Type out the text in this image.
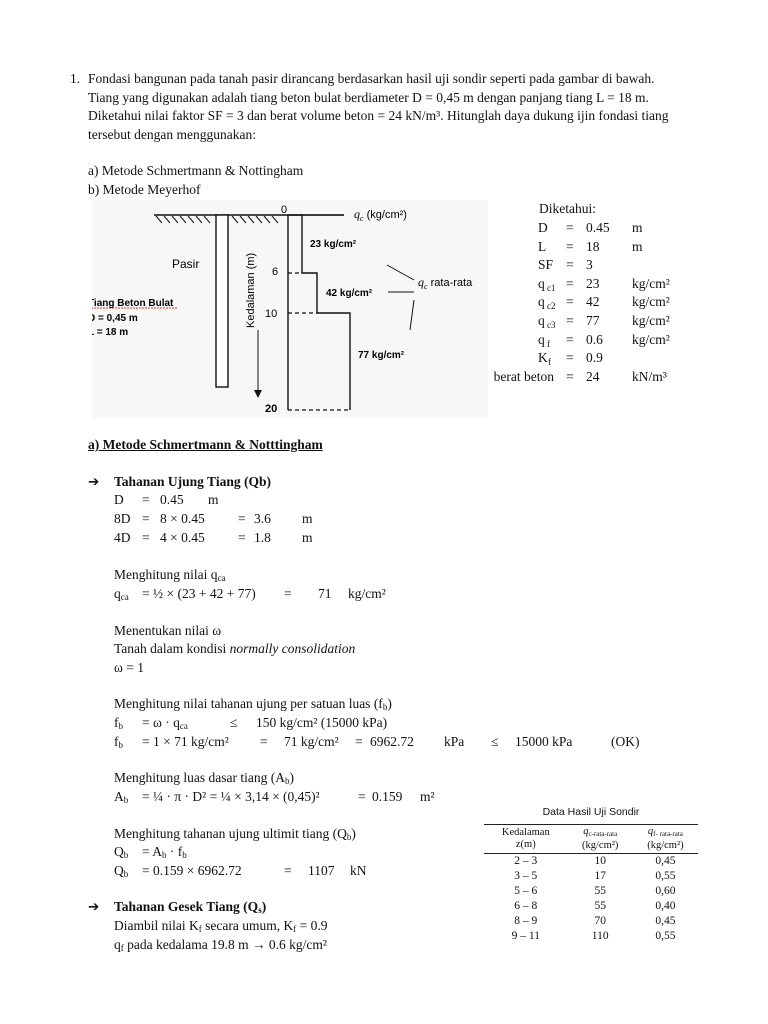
1. Fondasi bangunan pada tanah pasir dirancang berdasarkan hasil uji sondir seperti pada gambar di bawah.
Tiang yang digunakan adalah tiang beton bulat berdiameter D = 0,45 m dengan panjang tiang L = 18 m.
Diketahui nilai faktor SF = 3 dan berat volume beton = 24 kN/m³. Hitunglah daya dukung ijin fondasi tiang
tersebut dengan menggunakan:
a) Metode Schmertmann & Nottingham
b) Metode Meyerhof
0
6
10
20
Pasir	Kedalaman (m)
23 kg/cm²
42 kg/cm²
77 kg/cm²
$q_c$ (kg/cm²)
$q_c$ rata-rata
Tiang Beton Bulat
D = 0,45 m
L = 18 m
Diketahui:
D = 0.45 m
L = 18 m
SF = 3
q c1 = 23 kg/cm²
q c2 = 42 kg/cm²
q c3 = 77 kg/cm²
q f = 0.6 kg/cm²
K f = 0.9
berat beton = 24 kN/m³
a) Metode Schmertmann & Notttingham
➔ Tahanan Ujung Tiang (Qb)
D = 0.45 m
8D = 8 × 0.45 = 3.6 m
4D = 4 × 0.45 = 1.8 m
Menghitung nilai $q_{ca}$
$q_{ca}$ = ½ × (23 + 42 + 77) = 71 kg/cm²
Menentukan nilai ω
Tanah dalam kondisi normally consolidation
ω = 1
Menghitung nilai tahanan ujung per satuan luas $(f_b)$
$f_b = \omega \cdot q_{ca}$	≤ 150 kg/cm² (15000 kPa)
$f_b = 1 \times 71$ kg/cm² = 71 kg/cm² = 6962.72 kPa ≤ 15000 kPa	(OK)
Menghitung luas dasar tiang $(A_b)$
$A_b$ = ¼ · π · D² = ¼ × 3,14 × (0,45)²	= 0.159 m²
Menghitung tahanan ujung ultimit tiang $(Q_b)$
$Q_b = A_b \cdot f_b$
$Q_b = 0.159 \times 6962.72$	= 1107 kN
➔ Tahanan Gesek Tiang $(Q_s)$
Diambil nilai $K_f$ secara umum, $K_f = 0.9$
$q_f$ pada kedalama 19.8 m → 0.6 kg/cm²
Data Hasil Uji Sondir
Kedalaman
z(m)	$q_{c-rata-rata}$
(kg/cm²)	$q_{f- rata-rata}$
(kg/cm²)
2 – 3	10	0,45
3 – 5	17	0,55
5 – 6	55	0,60
6 – 8	55	0,40
8 – 9	70	0,45
9 – 11	110	0,55
